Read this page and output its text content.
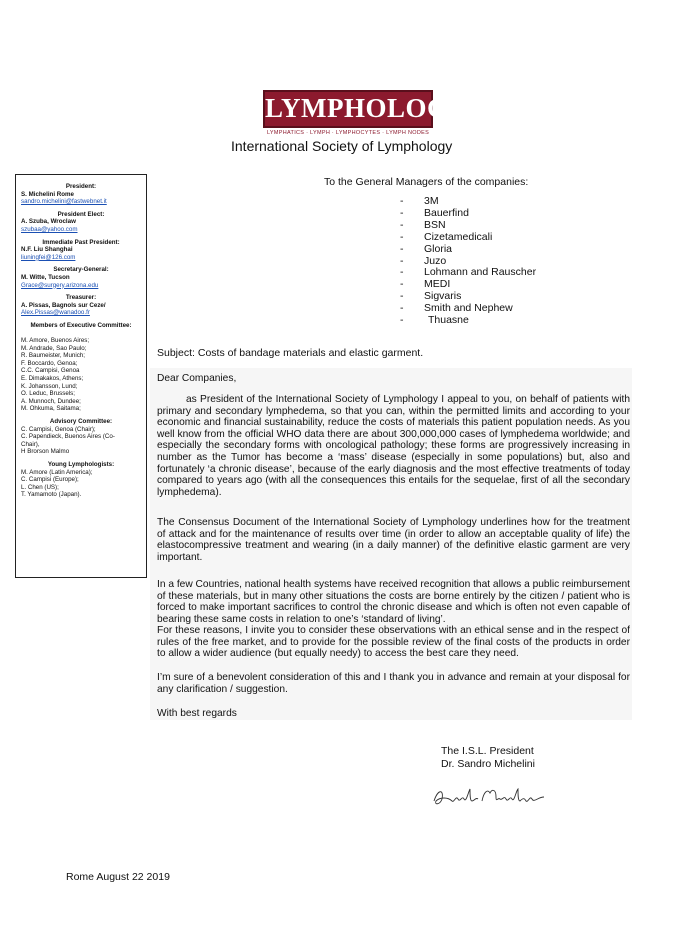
LYMPHOLOGY
LYMPHATICS · LYMPH · LYMPHOCYTES · LYMPH NODES
International Society of Lymphology
President:
S. Michelini Rome
sandro.michelini@fastwebnet.it
President Elect:
A. Szuba, Wroclaw
szubaa@yahoo.com
Immediate Past President:
N.F. Liu Shanghai
liuningfei@126.com
Secretary-General:
M. Witte, Tucson
Grace@surgery.arizona.edu
Treasurer:
A. Pissas, Bagnols sur Ceze/
Alex.Pissas@wanadoo.fr
Members of Executive Committee:

M. Amore, Buenos Aires;
M. Andrade, Sao Paulo;
R. Baumeister, Munich;
F. Boccardo, Genoa;
C.C. Campisi, Genoa
E. Dimakakos, Athens;
K. Johansson, Lund;
O. Leduc, Brussels;
A. Munnoch, Dundee;
M. Ohkuma, Saitama;
Advisory Committee:
C. Campisi, Genoa (Chair);
C. Papendieck, Buenos Aires (Co-
Chair),
H Brorson Malmo
Young Lymphologists:
M. Amore (Latin America);
C. Campisi (Europe);
L. Chen (US);
T. Yamamoto (Japan).
To the General Managers of the companies:
- 3M
- Bauerfind
- BSN
- Cizetamedicali
- Gloria
- Juzo
- Lohmann and Rauscher
- MEDI
- Sigvaris
- Smith and Nephew
- Thuasne
Subject: Costs of bandage materials and elastic garment.

Dear Companies,

as President of the International Society of Lymphology I appeal to you, on behalf of patients with primary and secondary lymphedema, so that you can, within the permitted limits and according to your economic and financial sustainability, reduce the costs of materials this patient population needs. As you well know from the official WHO data there are about 300,000,000 cases of lymphedema worldwide; and especially the secondary forms with oncological pathology; these forms are progressively increasing in number as the Tumor has become a ‘mass’ disease (especially in some populations) but, also and fortunately ‘a chronic disease’, because of the early diagnosis and the most effective treatments of today compared to years ago (with all the consequences this entails for the sequelae, first of all the secondary lymphedema).

The Consensus Document of the International Society of Lymphology underlines how for the treatment of attack and for the maintenance of results over time (in order to allow an acceptable quality of life) the elastocompressive treatment and wearing (in a daily manner) of the definitive elastic garment are very important.

In a few Countries, national health systems have received recognition that allows a public reimbursement of these materials, but in many other situations the costs are borne entirely by the citizen / patient who is forced to make important sacrifices to control the chronic disease and which is often not even capable of bearing these same costs in relation to one’s ‘standard of living’.

For these reasons, I invite you to consider these observations with an ethical sense and in the respect of rules of the free market, and to provide for the possible review of the final costs of the products in order to allow a wider audience (but equally needy) to access the best care they need.

I’m sure of a benevolent consideration of this and I thank you in advance and remain at your disposal for any clarification / suggestion.

With best regards

The I.S.L. President
Dr. Sandro Michelini
Rome August 22 2019
